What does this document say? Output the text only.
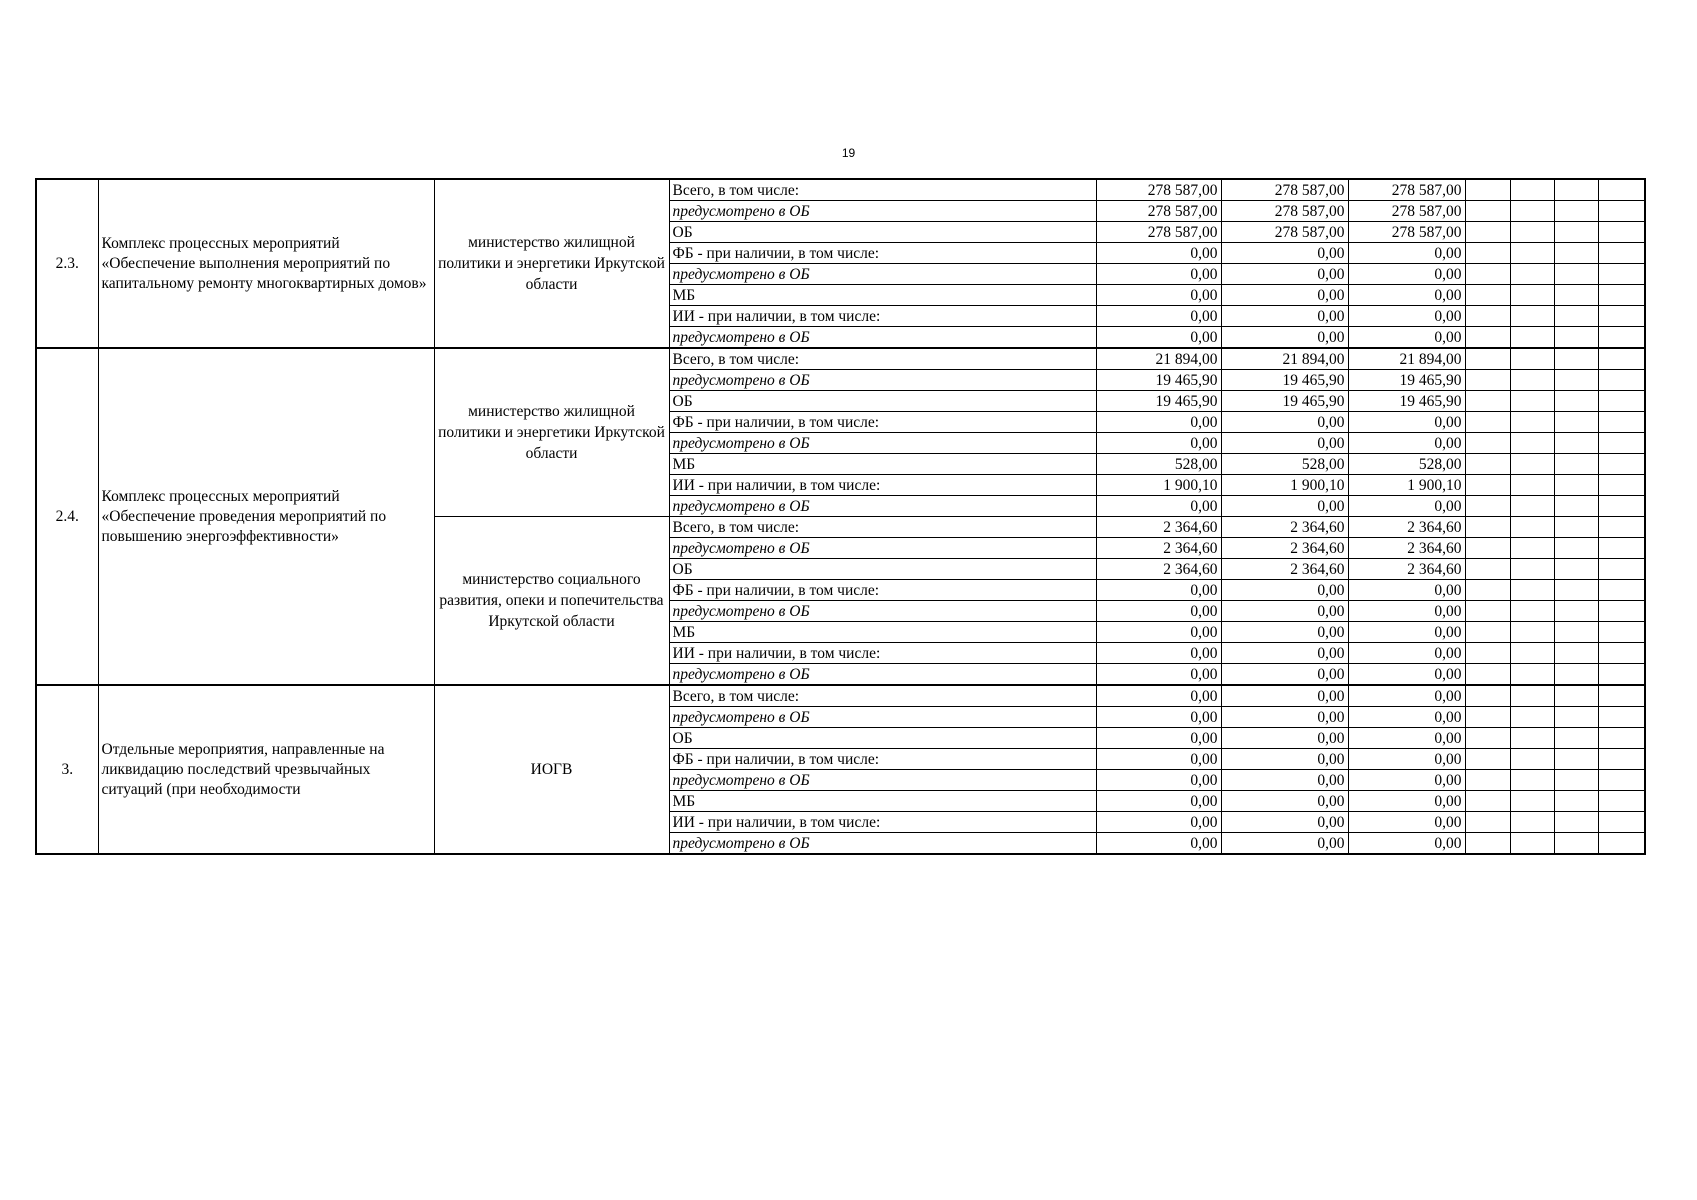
19
2.3.	Комплекс процессных мероприятий «Обеспечение выполнения мероприятий по капитальному ремонту многоквартирных домов»	министерство жилищной политики и энергетики Иркутской области	Всего, в том числе:	278 587,00	278 587,00	278 587,00				
			предусмотрено в ОБ	278 587,00	278 587,00	278 587,00				
			ОБ	278 587,00	278 587,00	278 587,00				
			ФБ - при наличии, в том числе:	0,00	0,00	0,00				
			предусмотрено в ОБ	0,00	0,00	0,00				
			МБ	0,00	0,00	0,00				
			ИИ - при наличии, в том числе:	0,00	0,00	0,00				
			предусмотрено в ОБ	0,00	0,00	0,00				
2.4.	Комплекс процессных мероприятий «Обеспечение проведения мероприятий по повышению энергоэффективности»	министерство жилищной политики и энергетики Иркутской области	Всего, в том числе:	21 894,00	21 894,00	21 894,00				
			предусмотрено в ОБ	19 465,90	19 465,90	19 465,90				
			ОБ	19 465,90	19 465,90	19 465,90				
			ФБ - при наличии, в том числе:	0,00	0,00	0,00				
			предусмотрено в ОБ	0,00	0,00	0,00				
			МБ	528,00	528,00	528,00				
			ИИ - при наличии, в том числе:	1 900,10	1 900,10	1 900,10				
			предусмотрено в ОБ	0,00	0,00	0,00				
		министерство социального развития, опеки и попечительства Иркутской области	Всего, в том числе:	2 364,60	2 364,60	2 364,60				
			предусмотрено в ОБ	2 364,60	2 364,60	2 364,60				
			ОБ	2 364,60	2 364,60	2 364,60				
			ФБ - при наличии, в том числе:	0,00	0,00	0,00				
			предусмотрено в ОБ	0,00	0,00	0,00				
			МБ	0,00	0,00	0,00				
			ИИ - при наличии, в том числе:	0,00	0,00	0,00				
			предусмотрено в ОБ	0,00	0,00	0,00				
3.	Отдельные мероприятия, направленные на ликвидацию последствий чрезвычайных ситуаций (при необходимости	ИОГВ	Всего, в том числе:	0,00	0,00	0,00				
			предусмотрено в ОБ	0,00	0,00	0,00				
			ОБ	0,00	0,00	0,00				
			ФБ - при наличии, в том числе:	0,00	0,00	0,00				
			предусмотрено в ОБ	0,00	0,00	0,00				
			МБ	0,00	0,00	0,00				
			ИИ - при наличии, в том числе:	0,00	0,00	0,00				
			предусмотрено в ОБ	0,00	0,00	0,00				
